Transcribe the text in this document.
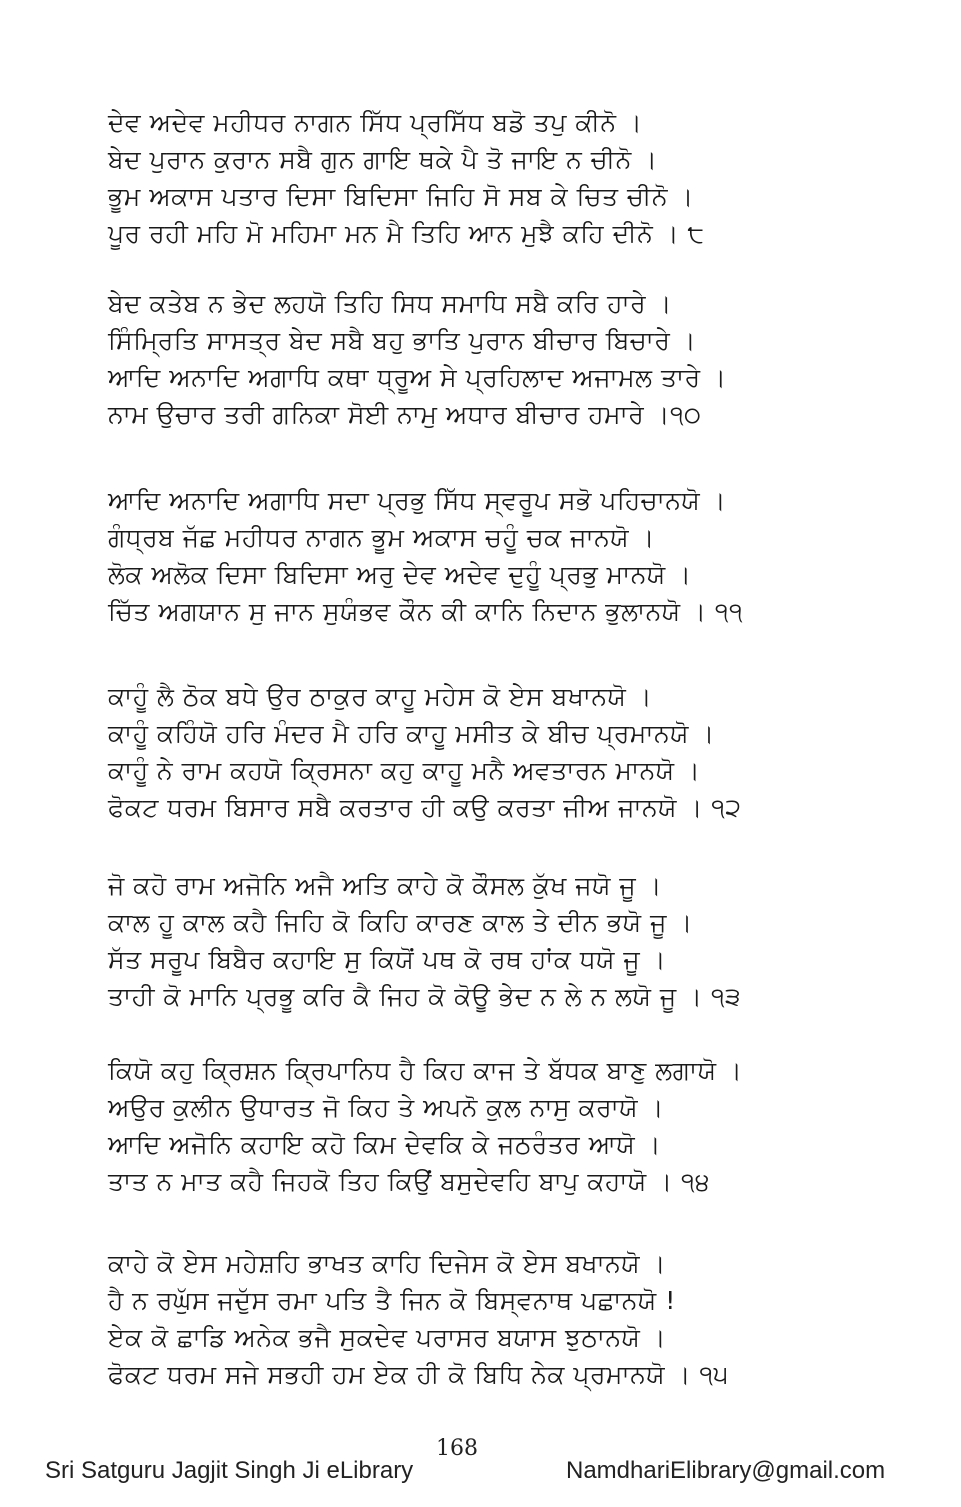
ਦੇਵ ਅਦੇਵ ਮਹੀਧਰ ਨਾਗਨ ਸਿੱਧ ਪ੍ਰਸਿੱਧ ਬਡੋ ਤਪੁ ਕੀਨੋ ।
ਬੇਦ ਪੁਰਾਨ ਕੁਰਾਨ ਸਬੈ ਗੁਨ ਗਾਇ ਥਕੇ ਪੈ ਤੋ ਜਾਇ ਨ ਚੀਨੋ ।
ਭੂਮ ਅਕਾਸ ਪਤਾਰ ਦਿਸਾ ਬਿਦਿਸਾ ਜਿਹਿ ਸੋ ਸਬ ਕੇ ਚਿਤ ਚੀਨੋ ।
ਪੂਰ ਰਹੀ ਮਹਿ ਮੋ ਮਹਿਮਾ ਮਨ ਮੈ ਤਿਹਿ ਆਨ ਮੁਝੈ ਕਹਿ ਦੀਨੋ । ੮
ਬੇਦ ਕਤੇਬ ਨ ਭੇਦ ਲਹਯੋ ਤਿਹਿ ਸਿਧ ਸਮਾਧਿ ਸਬੈ ਕਰਿ ਹਾਰੇ ।
ਸਿੰਮ੍ਰਿਤਿ ਸਾਸਤ੍ਰ ਬੇਦ ਸਬੈ ਬਹੁ ਭਾਤਿ ਪੁਰਾਨ ਬੀਚਾਰ ਬਿਚਾਰੇ ।
ਆਦਿ ਅਨਾਦਿ ਅਗਾਧਿ ਕਥਾ ਧ੍ਰੂਅ ਸੇ ਪ੍ਰਹਿਲਾਦ ਅਜਾਮਲ ਤਾਰੇ ।
ਨਾਮ ਉਚਾਰ ਤਰੀ ਗਨਿਕਾ ਸੋਈ ਨਾਮੁ ਅਧਾਰ ਬੀਚਾਰ ਹਮਾਰੇ ।੧੦
ਆਦਿ ਅਨਾਦਿ ਅਗਾਧਿ ਸਦਾ ਪ੍ਰਭੁ ਸਿੱਧ ਸ੍ਵਰੂਪ ਸਭੋ ਪਹਿਚਾਨਯੋ ।
ਗੰਧ੍ਰਬ ਜੱਛ ਮਹੀਧਰ ਨਾਗਨ ਭੂਮ ਅਕਾਸ ਚਹੂੰ ਚਕ ਜਾਨਯੋ ।
ਲੋਕ ਅਲੋਕ ਦਿਸਾ ਬਿਦਿਸਾ ਅਰੁ ਦੇਵ ਅਦੇਵ ਦੁਹੂੰ ਪ੍ਰਭੁ ਮਾਨਯੋ ।
ਚਿੱਤ ਅਗਯਾਨ ਸੁ ਜਾਨ ਸੁਯੰਭਵ ਕੌਨ ਕੀ ਕਾਨਿ ਨਿਦਾਨ ਭੁਲਾਨਯੋ । ੧੧
ਕਾਹੂੰ ਲੈ ਠੋਕ ਬਧੇ ਉਰ ਠਾਕੁਰ ਕਾਹੂ ਮਹੇਸ ਕੋ ਏਸ ਬਖਾਨਯੋ ।
ਕਾਹੂੰ ਕਹਿੰਯੋ ਹਰਿ ਮੰਦਰ ਮੈ ਹਰਿ ਕਾਹੂ ਮਸੀਤ ਕੇ ਬੀਚ ਪ੍ਰਮਾਨਯੋ ।
ਕਾਹੂੰ ਨੇ ਰਾਮ ਕਹਯੋ ਕ੍ਰਿਸਨਾ ਕਹੁ ਕਾਹੂ ਮਨੈ ਅਵਤਾਰਨ ਮਾਨਯੋ ।
ਫੋਕਟ ਧਰਮ ਬਿਸਾਰ ਸਬੈ ਕਰਤਾਰ ਹੀ ਕਉ ਕਰਤਾ ਜੀਅ ਜਾਨਯੋ । ੧੨
ਜੋ ਕਹੋ ਰਾਮ ਅਜੋਨਿ ਅਜੈ ਅਤਿ ਕਾਹੇ ਕੋ ਕੌਸਲ ਕੁੱਖ ਜਯੋ ਜੂ ।
ਕਾਲ ਹੂ ਕਾਲ ਕਹੈ ਜਿਹਿ ਕੋ ਕਿਹਿ ਕਾਰਣ ਕਾਲ ਤੇ ਦੀਨ ਭਯੋ ਜੂ ।
ਸੱਤ ਸਰੂਪ ਬਿਬੈਰ ਕਹਾਇ ਸੁ ਕਿਯੋਂ ਪਥ ਕੋ ਰਥ ਹਾਂਕ ਧਯੋ ਜੂ ।
ਤਾਹੀ ਕੋ ਮਾਨਿ ਪ੍ਰਭੂ ਕਰਿ ਕੈ ਜਿਹ ਕੋ ਕੋਊ ਭੇਦ ਨ ਲੇ ਨ ਲਯੋ ਜੂ । ੧੩
ਕਿਯੋ ਕਹੁ ਕ੍ਰਿਸ਼ਨ ਕ੍ਰਿਪਾਨਿਧ ਹੈ ਕਿਹ ਕਾਜ ਤੇ ਬੱਧਕ ਬਾਣੁ ਲਗਾਯੋ ।
ਅਉਰ ਕੁਲੀਨ ਉਧਾਰਤ ਜੋ ਕਿਹ ਤੇ ਅਪਨੋ ਕੁਲ ਨਾਸੁ ਕਰਾਯੋ ।
ਆਦਿ ਅਜੋਨਿ ਕਹਾਇ ਕਹੋ ਕਿਮ ਦੇਵਕਿ ਕੇ ਜਠਰੰਤਰ ਆਯੋ ।
ਤਾਤ ਨ ਮਾਤ ਕਹੈ ਜਿਹਕੋ ਤਿਹ ਕਿਉਂ ਬਸੁਦੇਵਹਿ ਬਾਪੁ ਕਹਾਯੋ । ੧੪
ਕਾਹੇ ਕੋ ਏਸ ਮਹੇਸ਼ਹਿ ਭਾਖਤ ਕਾਹਿ ਦਿਜੇਸ ਕੋ ਏਸ ਬਖਾਨਯੋ ।
ਹੈ ਨ ਰਘੁੱਸ ਜਦੁੱਸ ਰਮਾ ਪਤਿ ਤੈ ਜਿਨ ਕੋ ਬਿਸ੍ਵਨਾਥ ਪਛਾਨਯੋ !
ਏਕ ਕੋ ਛਾਡਿ ਅਨੇਕ ਭਜੈ ਸੁਕਦੇਵ ਪਰਾਸਰ ਬਯਾਸ ਝੁਠਾਨਯੋ ।
ਫੋਕਟ ਧਰਮ ਸਜੇ ਸਭਹੀ ਹਮ ਏਕ ਹੀ ਕੋ ਬਿਧਿ ਨੇਕ ਪ੍ਰਮਾਨਯੋ । ੧੫
168
Sri Satguru Jagjit Singh Ji eLibrary	NamdhariElibrary@gmail.com
